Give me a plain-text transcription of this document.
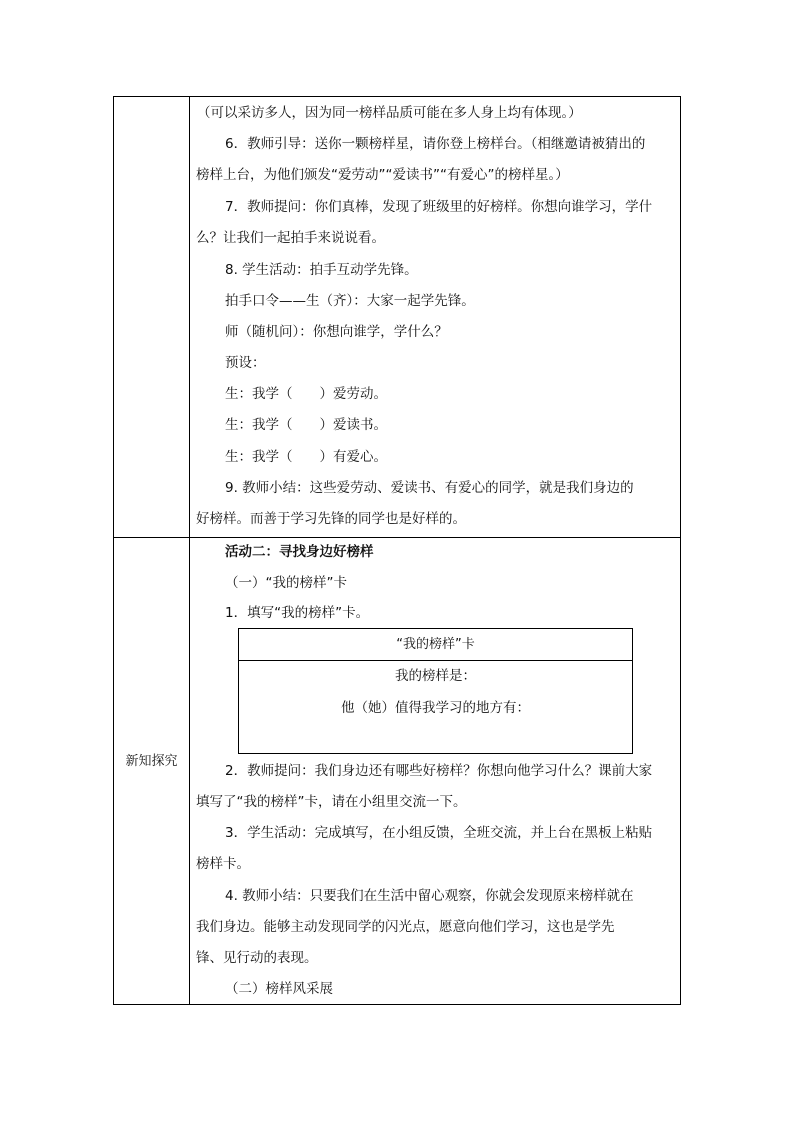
新知探究
（可以采访多人，因为同一榜样品质可能在多人身上均有体现。）
6．教师引导：送你一颗榜样星，请你登上榜样台。（相继邀请被猜出的
榜样上台，为他们颁发“爱劳动”“爱读书”“有爱心”的榜样星。）
7．教师提问：你们真棒，发现了班级里的好榜样。你想向谁学习，学什
么？让我们一起拍手来说说看。
8. 学生活动：拍手互动学先锋。
拍手口令——生（齐）：大家一起学先锋。
师（随机问）：你想向谁学，学什么？
预设：
生：我学（　　）爱劳动。
生：我学（　　）爱读书。
生：我学（　　）有爱心。
9. 教师小结：这些爱劳动、爱读书、有爱心的同学，就是我们身边的
好榜样。而善于学习先锋的同学也是好样的。
活动二：寻找身边好榜样
（一）“我的榜样”卡
1．填写“我的榜样”卡。
“我的榜样”卡
我的榜样是：
他（她）值得我学习的地方有：
2．教师提问：我们身边还有哪些好榜样？你想向他学习什么？课前大家
填写了“我的榜样”卡，请在小组里交流一下。
3．学生活动：完成填写，在小组反馈，全班交流，并上台在黑板上粘贴
榜样卡。
4. 教师小结：只要我们在生活中留心观察，你就会发现原来榜样就在
我们身边。能够主动发现同学的闪光点，愿意向他们学习，这也是学先
锋、见行动的表现。
（二）榜样风采展
